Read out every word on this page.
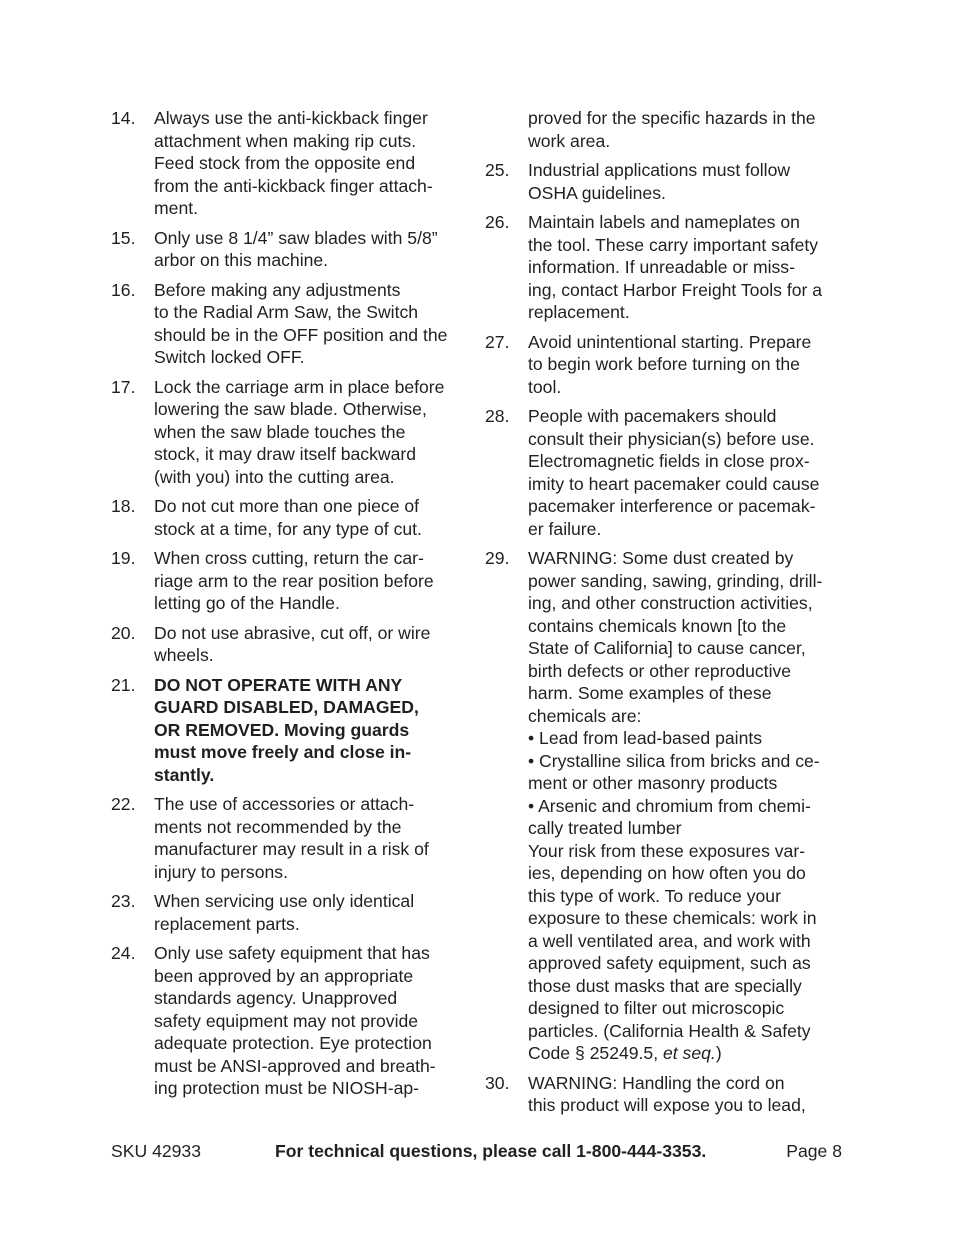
14.	Always use the anti-kickback finger
attachment when making rip cuts.
Feed stock from the opposite end
from the anti-kickback finger attach-
ment.
15.	Only use 8 1/4” saw blades with 5/8”
arbor on this machine.
16.	Before making any adjustments
to the Radial Arm Saw, the Switch
should be in the OFF position and the
Switch locked OFF.
17.	Lock the carriage arm in place before
lowering the saw blade. Otherwise,
when the saw blade touches the
stock, it may draw itself backward
(with you) into the cutting area.
18.	Do not cut more than one piece of
stock at a time, for any type of cut.
19.	When cross cutting, return the car-
riage arm to the rear position before
letting go of the Handle.
20.	Do not use abrasive, cut off, or wire
wheels.
21.	DO NOT OPERATE WITH ANY
GUARD DISABLED, DAMAGED,
OR REMOVED. Moving guards
must move freely and close in-
stantly.
22.	The use of accessories or attach-
ments not recommended by the
manufacturer may result in a risk of
injury to persons.
23.	When servicing use only identical
replacement parts.
24.	Only use safety equipment that has
been approved by an appropriate
standards agency. Unapproved
safety equipment may not provide
adequate protection. Eye protection
must be ANSI-approved and breath-
ing protection must be NIOSH-ap-
proved for the specific hazards in the
work area.
25.	Industrial applications must follow
OSHA guidelines.
26.	Maintain labels and nameplates on
the tool. These carry important safety
information. If unreadable or miss-
ing, contact Harbor Freight Tools for a
replacement.
27.	Avoid unintentional starting. Prepare
to begin work before turning on the
tool.
28.	People with pacemakers should
consult their physician(s) before use.
Electromagnetic fields in close prox-
imity to heart pacemaker could cause
pacemaker interference or pacemak-
er failure.
29.	WARNING: Some dust created by
power sanding, sawing, grinding, drill-
ing, and other construction activities,
contains chemicals known [to the
State of California] to cause cancer,
birth defects or other reproductive
harm. Some examples of these
chemicals are:
• Lead from lead-based paints
• Crystalline silica from bricks and ce-
ment or other masonry products
• Arsenic and chromium from chemi-
cally treated lumber
Your risk from these exposures var-
ies, depending on how often you do
this type of work. To reduce your
exposure to these chemicals: work in
a well ventilated area, and work with
approved safety equipment, such as
those dust masks that are specially
designed to filter out microscopic
particles. (California Health & Safety
Code § 25249.5, et seq.)
30.	WARNING: Handling the cord on
this product will expose you to lead,
SKU 42933	For technical questions, please call 1-800-444-3353.	Page 8
